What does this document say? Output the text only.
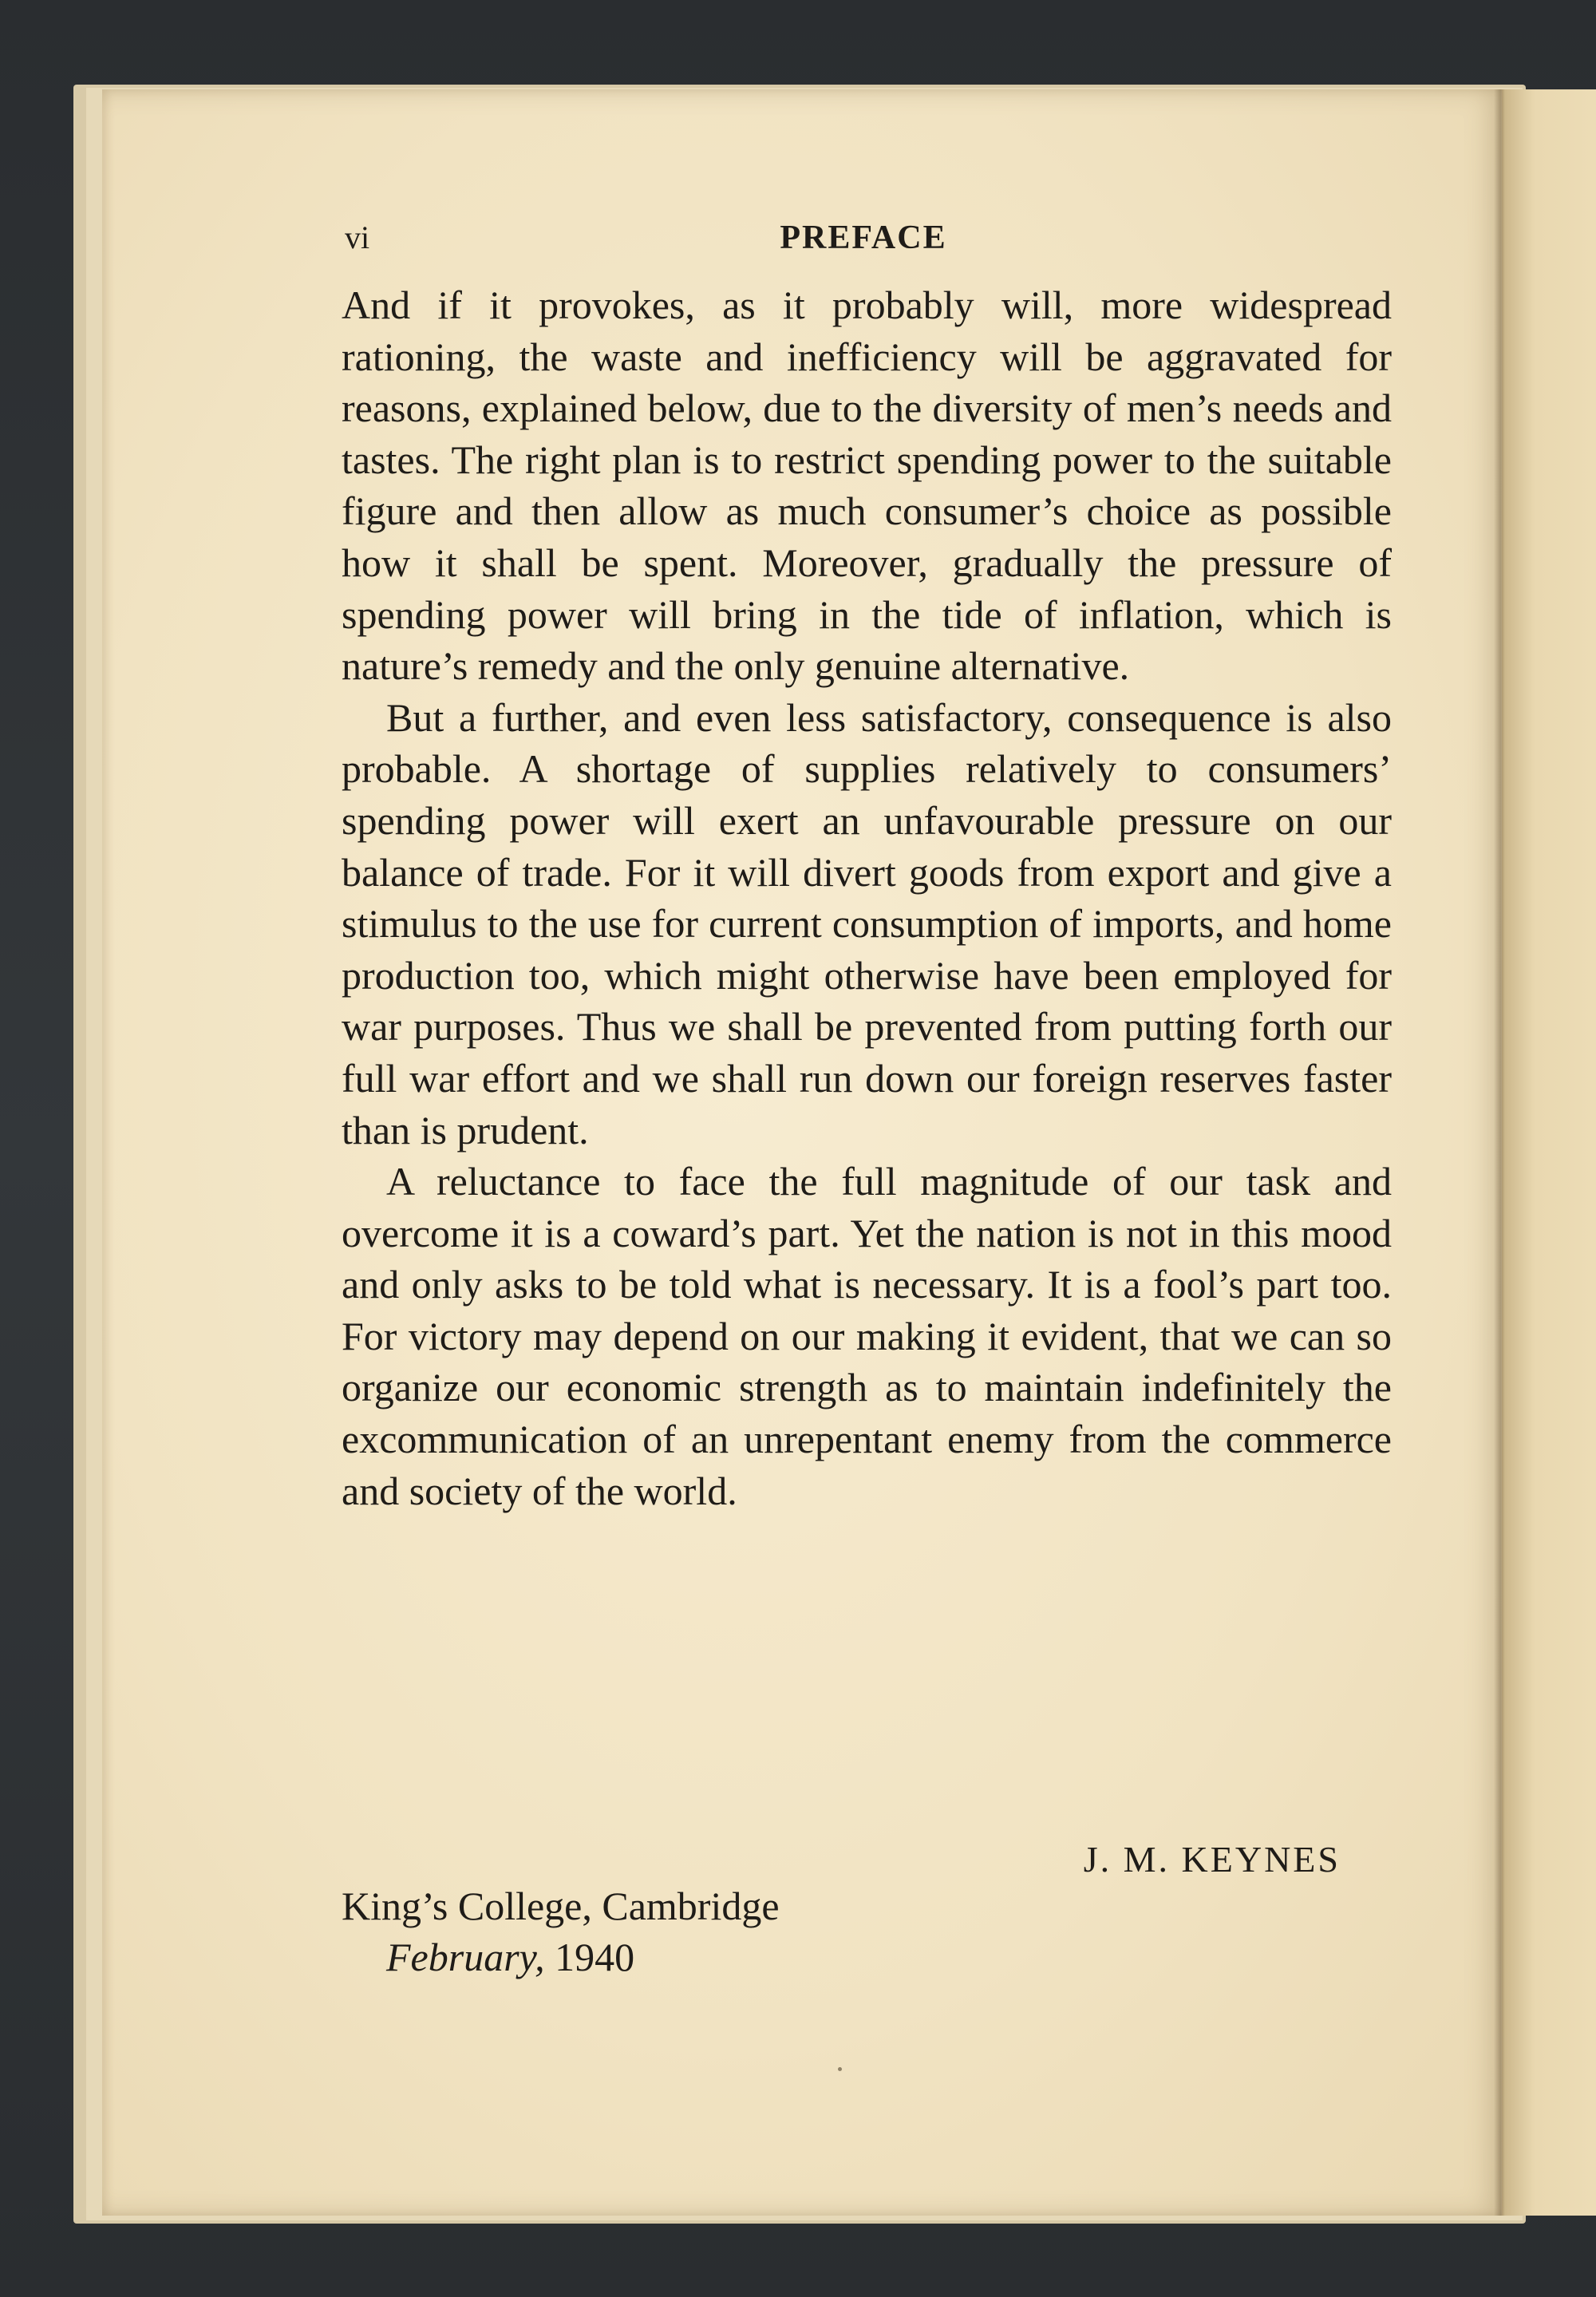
vi	PREFACE

And if it provokes, as it probably will, more widespread rationing, the waste and inefficiency will be aggravated for reasons, explained below, due to the diversity of men’s needs and tastes. The right plan is to restrict spending power to the suitable figure and then allow as much consumer’s choice as possible how it shall be spent. Moreover, gradually the pressure of spending power will bring in the tide of inflation, which is nature’s remedy and the only genuine alternative.

But a further, and even less satisfactory, consequence is also probable. A shortage of supplies relatively to consumers’ spending power will exert an unfavourable pressure on our balance of trade. For it will divert goods from export and give a stimulus to the use for current consumption of imports, and home production too, which might otherwise have been employed for war purposes. Thus we shall be prevented from putting forth our full war effort and we shall run down our foreign reserves faster than is prudent.

A reluctance to face the full magnitude of our task and overcome it is a coward’s part. Yet the nation is not in this mood and only asks to be told what is necessary. It is a fool’s part too. For victory may depend on our making it evident, that we can so organize our economic strength as to maintain indefinitely the excommunication of an unrepentant enemy from the commerce and society of the world.

J. M. KEYNES
King’s College, Cambridge
February, 1940
